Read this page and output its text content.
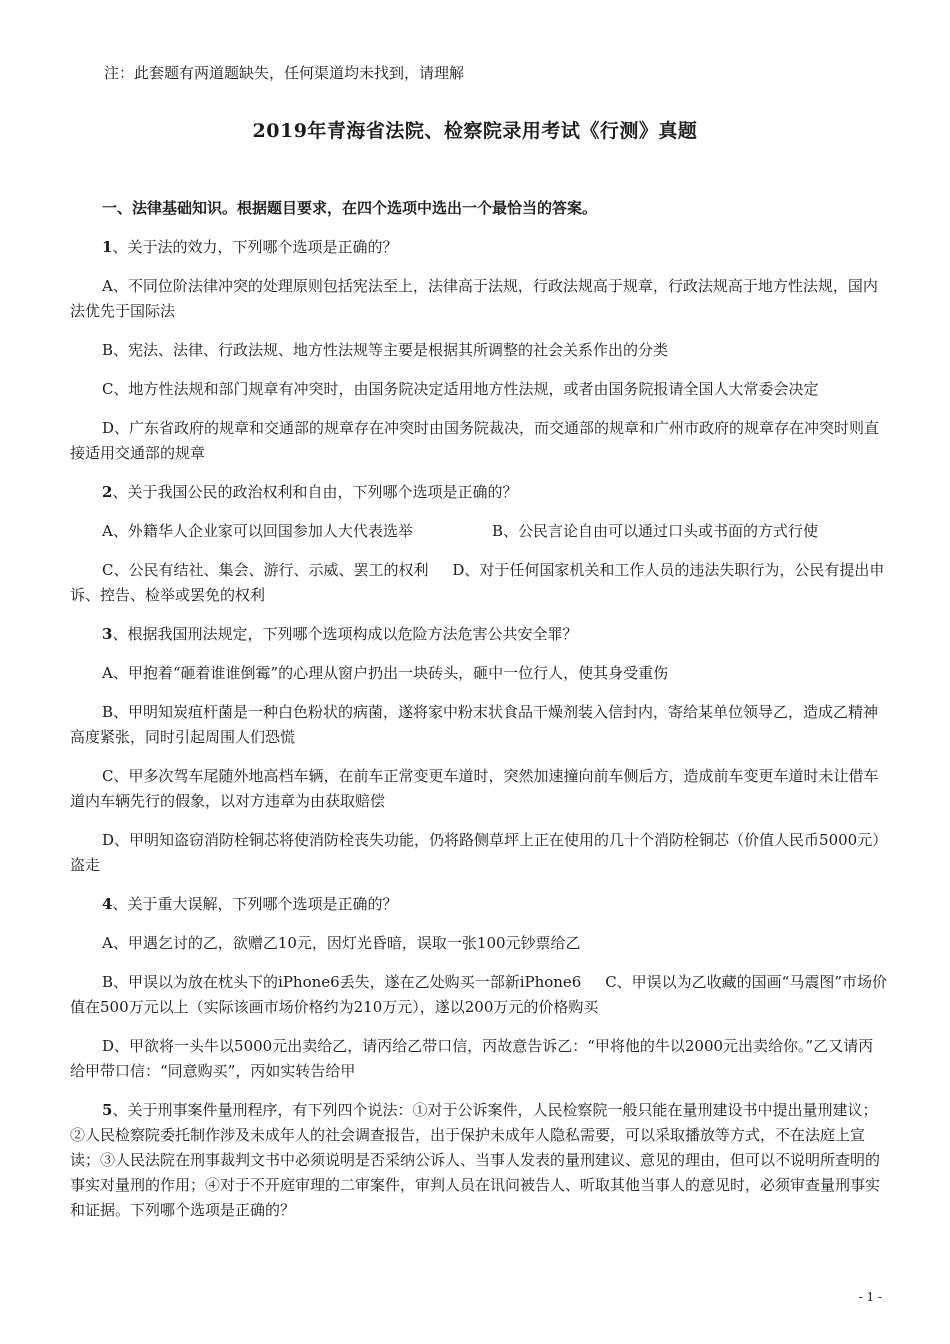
注：此套题有两道题缺失，任何渠道均未找到，请理解
2019年青海省法院、检察院录用考试《行测》真题

一、法律基础知识。根据题目要求，在四个选项中选出一个最恰当的答案。

1、关于法的效力，下列哪个选项是正确的？

A、不同位阶法律冲突的处理原则包括宪法至上，法律高于法规，行政法规高于规章，行政法规高于地方性法规，国内法优先于国际法

B、宪法、法律、行政法规、地方性法规等主要是根据其所调整的社会关系作出的分类

C、地方性法规和部门规章有冲突时，由国务院决定适用地方性法规，或者由国务院报请全国人大常委会决定

D、广东省政府的规章和交通部的规章存在冲突时由国务院裁决，而交通部的规章和广州市政府的规章存在冲突时则直接适用交通部的规章

2、关于我国公民的政治权利和自由，下列哪个选项是正确的？

A、外籍华人企业家可以回国参加人大代表选举	B、公民言论自由可以通过口头或书面的方式行使

C、公民有结社、集会、游行、示威、罢工的权利 D、对于任何国家机关和工作人员的违法失职行为，公民有提出申诉、控告、检举或罢免的权利

3、根据我国刑法规定，下列哪个选项构成以危险方法危害公共安全罪？

A、甲抱着“砸着谁谁倒霉”的心理从窗户扔出一块砖头，砸中一位行人，使其身受重伤

B、甲明知炭疽杆菌是一种白色粉状的病菌，遂将家中粉末状食品干燥剂装入信封内，寄给某单位领导乙，造成乙精神高度紧张，同时引起周围人们恐慌

C、甲多次驾车尾随外地高档车辆，在前车正常变更车道时，突然加速撞向前车侧后方，造成前车变更车道时未让借车道内车辆先行的假象，以对方违章为由获取赔偿

D、甲明知盗窃消防栓铜芯将使消防栓丧失功能，仍将路侧草坪上正在使用的几十个消防栓铜芯（价值人民币5000元）盗走

4、关于重大误解，下列哪个选项是正确的？

A、甲遇乞讨的乙，欲赠乙10元，因灯光昏暗，误取一张100元钞票给乙

B、甲误以为放在枕头下的iPhone6丢失，遂在乙处购买一部新iPhone6 C、甲误以为乙收藏的国画“马震图”市场价值在500万元以上（实际该画市场价格约为210万元），遂以200万元的价格购买

D、甲欲将一头牛以5000元出卖给乙，请丙给乙带口信，丙故意告诉乙：“甲将他的牛以2000元出卖给你。”乙又请丙给甲带口信：“同意购买”，丙如实转告给甲

5、关于刑事案件量刑程序，有下列四个说法：①对于公诉案件，人民检察院一般只能在量刑建设书中提出量刑建议；②人民检察院委托制作涉及未成年人的社会调查报告，出于保护未成年人隐私需要，可以采取播放等方式，不在法庭上宣读；③人民法院在刑事裁判文书中必须说明是否采纳公诉人、当事人发表的量刑建议、意见的理由，但可以不说明所查明的事实对量刑的作用；④对于不开庭审理的二审案件，审判人员在讯问被告人、听取其他当事人的意见时，必须审查量刑事实和证据。下列哪个选项是正确的？

- 1 -
